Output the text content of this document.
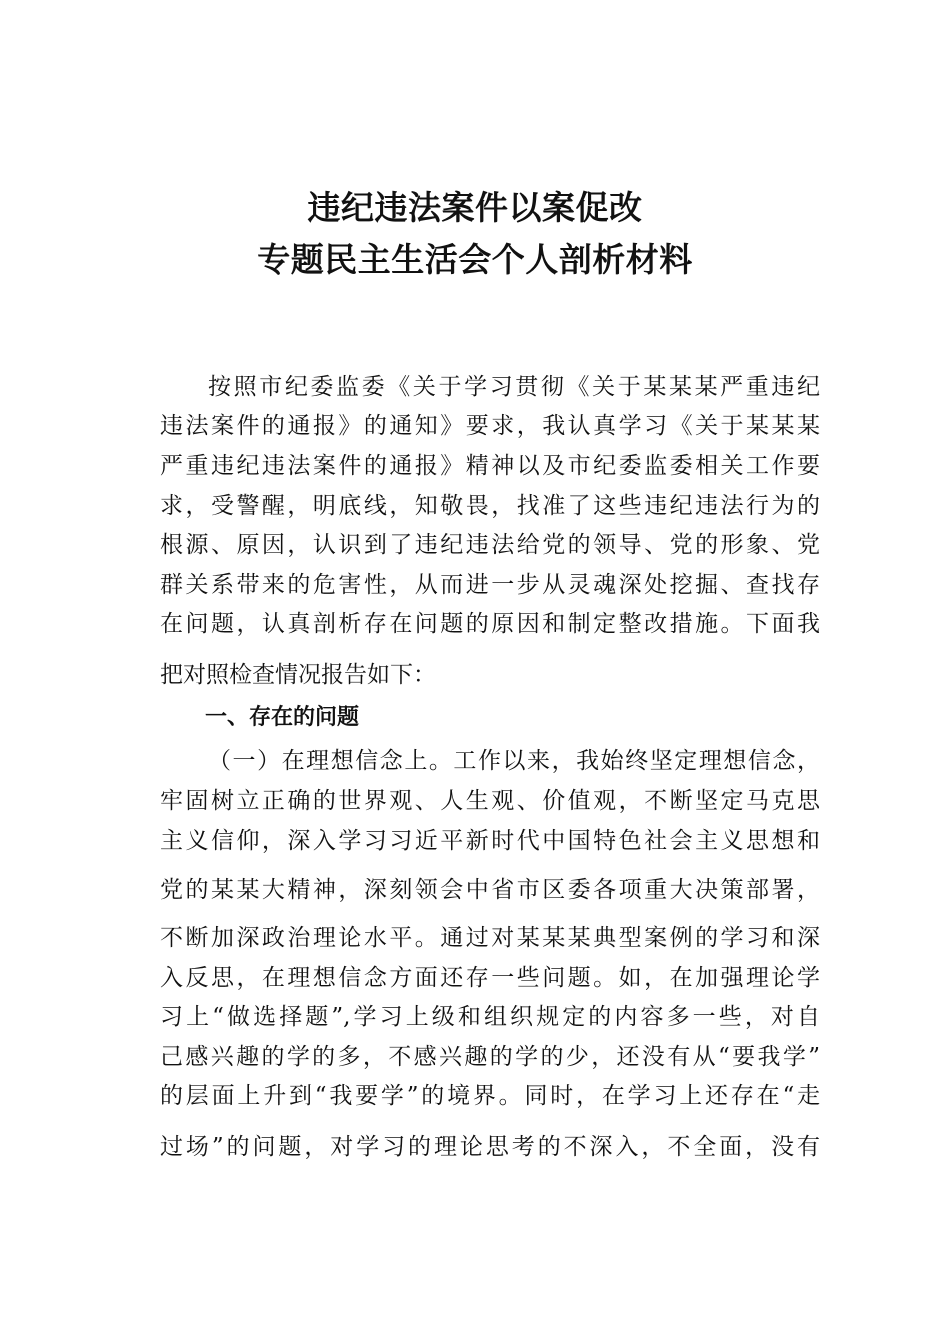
违纪违法案件以案促改
专题民主生活会个人剖析材料
按照市纪委监委《关于学习贯彻《关于某某某严重违纪
违法案件的通报》的通知》要求，我认真学习《关于某某某
严重违纪违法案件的通报》精神以及市纪委监委相关工作要
求，受警醒，明底线，知敬畏，找准了这些违纪违法行为的
根源、原因，认识到了违纪违法给党的领导、党的形象、党
群关系带来的危害性，从而进一步从灵魂深处挖掘、查找存
在问题，认真剖析存在问题的原因和制定整改措施。下面我
把对照检查情况报告如下：
一、存在的问题
（一）在理想信念上。工作以来，我始终坚定理想信念，
牢固树立正确的世界观、人生观、价值观，不断坚定马克思
主义信仰，深入学习习近平新时代中国特色社会主义思想和
党的某某大精神，深刻领会中省市区委各项重大决策部署，
不断加深政治理论水平。通过对某某某典型案例的学习和深
入反思，在理想信念方面还存一些问题。如，在加强理论学
习上“做选择题”,学习上级和组织规定的内容多一些，对自
己感兴趣的学的多，不感兴趣的学的少，还没有从“要我学”
的层面上升到“我要学”的境界。同时，在学习上还存在“走
过场”的问题，对学习的理论思考的不深入，不全面，没有
